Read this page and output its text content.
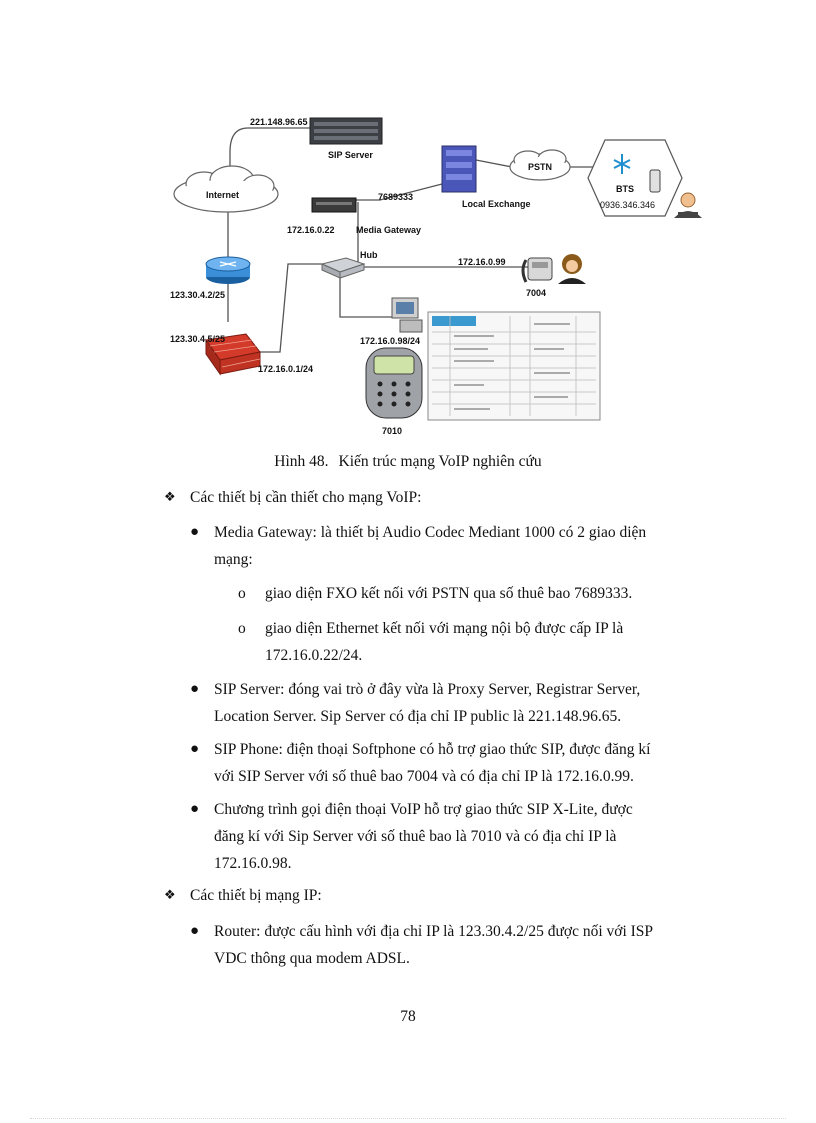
221.148.96.65
SIP Server
Internet
Local Exchange
PSTN
BTS
0936.346.346
7689333
172.16.0.22 Media Gateway
Hub
172.16.0.99
7004
123.30.4.2/25
123.30.4.5/25
172.16.0.1/24
172.16.0.98/24
7010
Hình 48. Kiến trúc mạng VoIP nghiên cứu
❖ Các thiết bị cần thiết cho mạng VoIP:
● Media Gateway: là thiết bị Audio Codec Mediant 1000 có 2 giao diện
mạng:
o giao diện FXO kết nối với PSTN qua số thuê bao 7689333.
o giao diện Ethernet kết nối với mạng nội bộ được cấp IP là
172.16.0.22/24.
● SIP Server: đóng vai trò ở đây vừa là Proxy Server, Registrar Server,
Location Server. Sip Server có địa chỉ IP public là 221.148.96.65.
● SIP Phone: điện thoại Softphone có hỗ trợ giao thức SIP, được đăng kí
với SIP Server với số thuê bao 7004 và có địa chỉ IP là 172.16.0.99.
● Chương trình gọi điện thoại VoIP hỗ trợ giao thức SIP X-Lite, được
đăng kí với Sip Server với số thuê bao là 7010 và có địa chỉ IP là
172.16.0.98.
❖ Các thiết bị mạng IP:
● Router: được cấu hình với địa chỉ IP là 123.30.4.2/25 được nối với ISP
VDC thông qua modem ADSL.
78
